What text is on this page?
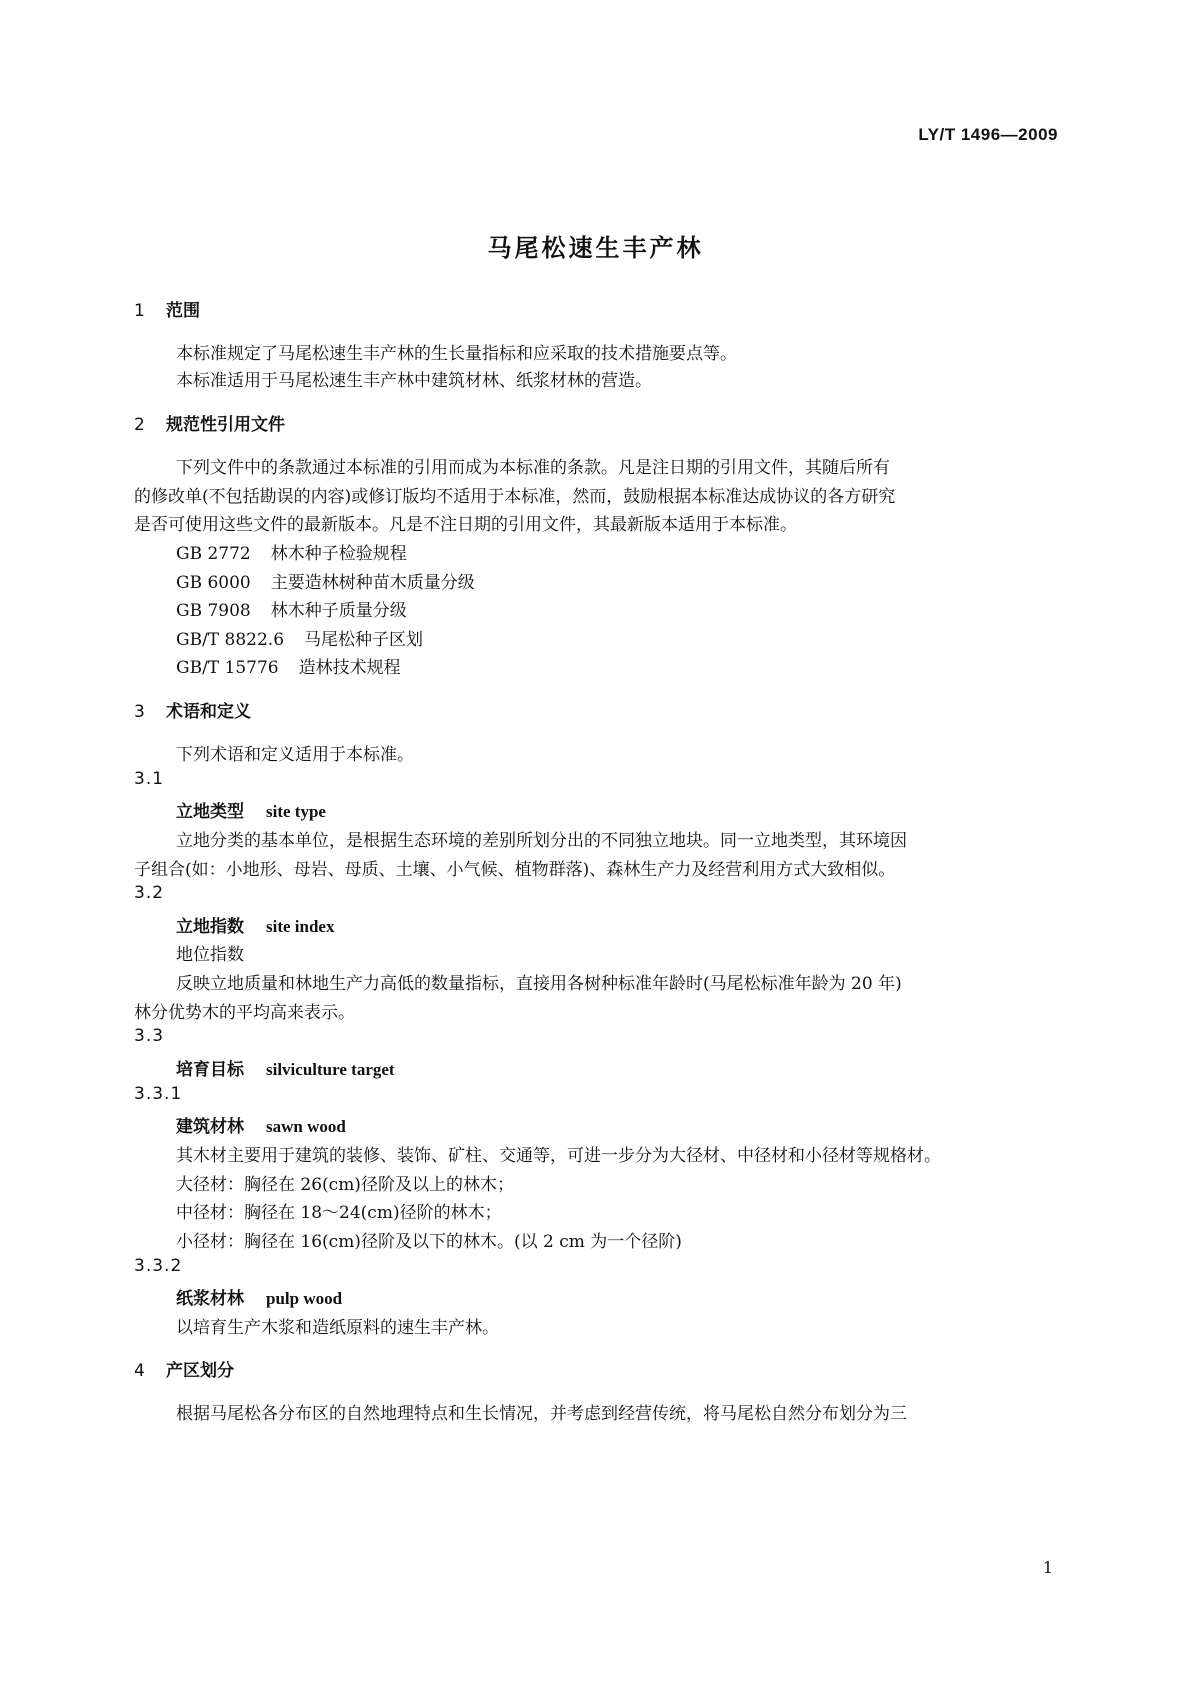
LY/T 1496—2009
马尾松速生丰产林
1 范围
本标准规定了马尾松速生丰产林的生长量指标和应采取的技术措施要点等。
本标准适用于马尾松速生丰产林中建筑材林、纸浆材林的营造。
2 规范性引用文件
下列文件中的条款通过本标准的引用而成为本标准的条款。凡是注日期的引用文件，其随后所有
的修改单(不包括勘误的内容)或修订版均不适用于本标准，然而，鼓励根据本标准达成协议的各方研究
是否可使用这些文件的最新版本。凡是不注日期的引用文件，其最新版本适用于本标准。
GB 2772 林木种子检验规程
GB 6000 主要造林树种苗木质量分级
GB 7908 林木种子质量分级
GB/T 8822.6 马尾松种子区划
GB/T 15776 造林技术规程
3 术语和定义
下列术语和定义适用于本标准。
3.1
立地类型 site type
立地分类的基本单位，是根据生态环境的差别所划分出的不同独立地块。同一立地类型，其环境因
子组合(如：小地形、母岩、母质、土壤、小气候、植物群落)、森林生产力及经营利用方式大致相似。
3.2
立地指数 site index
地位指数
反映立地质量和林地生产力高低的数量指标，直接用各树种标准年龄时(马尾松标准年龄为 20 年)
林分优势木的平均高来表示。
3.3
培育目标 silviculture target
3.3.1
建筑材林 sawn wood
其木材主要用于建筑的装修、装饰、矿柱、交通等，可进一步分为大径材、中径材和小径材等规格材。
大径材：胸径在 26(cm)径阶及以上的林木；
中径材：胸径在 18～24(cm)径阶的林木；
小径材：胸径在 16(cm)径阶及以下的林木。(以 2 cm 为一个径阶)
3.3.2
纸浆材林 pulp wood
以培育生产木浆和造纸原料的速生丰产林。
4 产区划分
根据马尾松各分布区的自然地理特点和生长情况，并考虑到经营传统，将马尾松自然分布划分为三
1
